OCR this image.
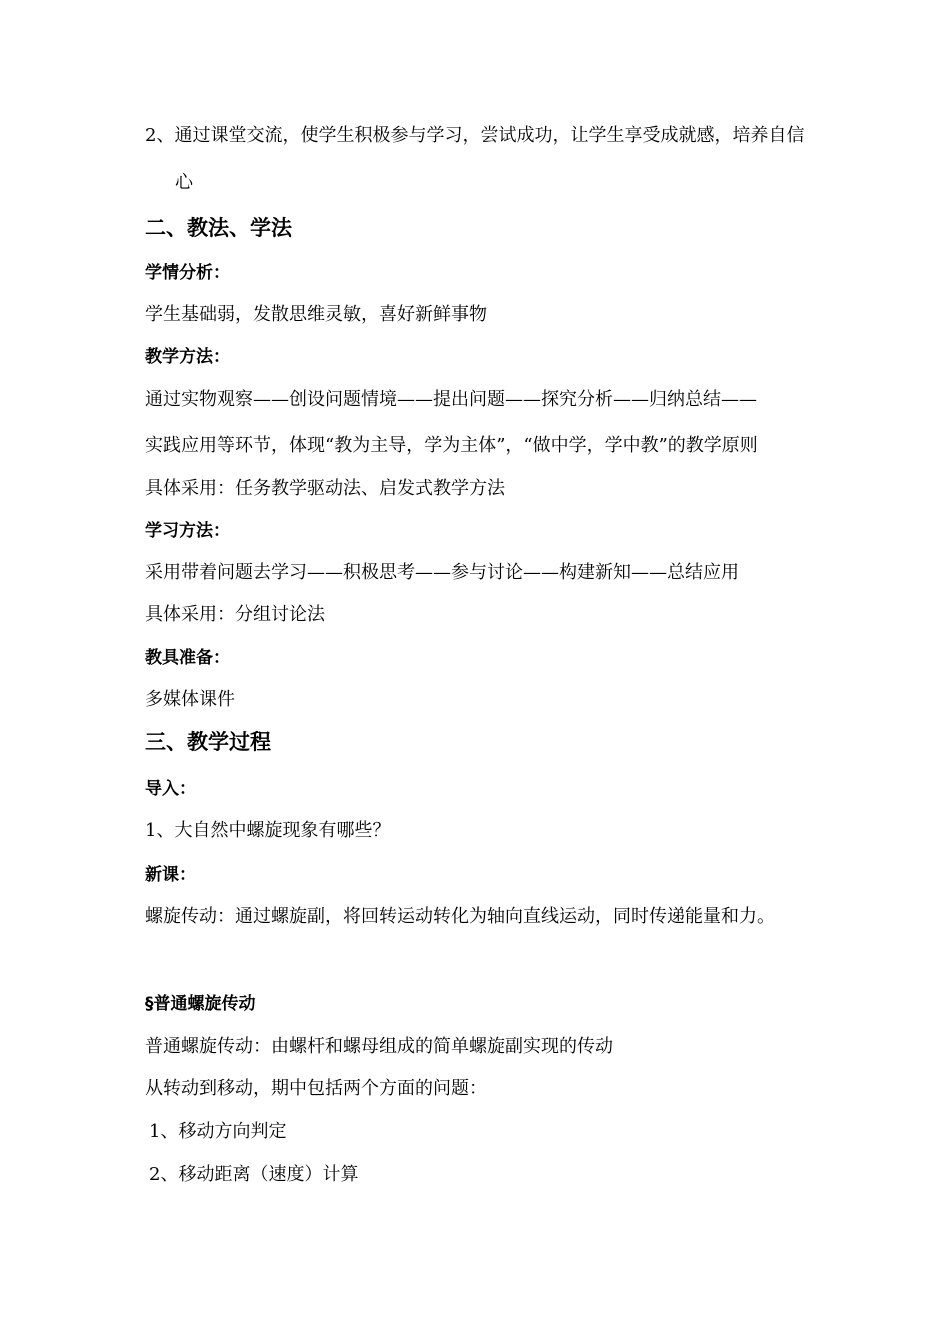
2、通过课堂交流，使学生积极参与学习，尝试成功，让学生享受成就感，培养自信
心
二、教法、学法
学情分析：
学生基础弱，发散思维灵敏，喜好新鲜事物
教学方法：
通过实物观察——创设问题情境——提出问题——探究分析——归纳总结——
实践应用等环节，体现“教为主导，学为主体”，“做中学，学中教”的教学原则
具体采用：任务教学驱动法、启发式教学方法
学习方法：
采用带着问题去学习——积极思考——参与讨论——构建新知——总结应用
具体采用：分组讨论法
教具准备：
多媒体课件
三、教学过程
导入：
1、大自然中螺旋现象有哪些？
新课：
螺旋传动：通过螺旋副，将回转运动转化为轴向直线运动，同时传递能量和力。
§普通螺旋传动
普通螺旋传动：由螺杆和螺母组成的简单螺旋副实现的传动
从转动到移动，期中包括两个方面的问题：
1、移动方向判定
2、移动距离（速度）计算
